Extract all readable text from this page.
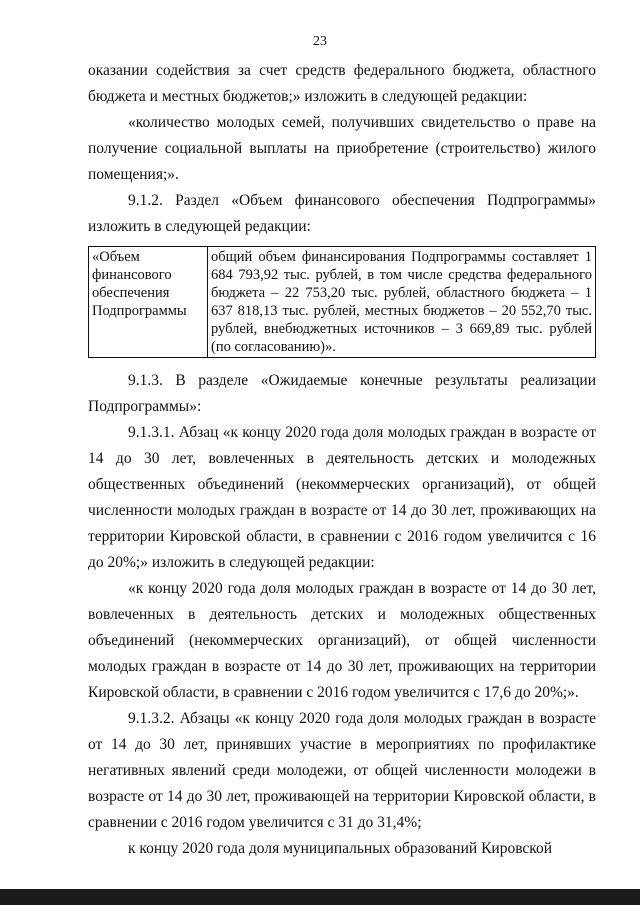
23

оказании содействия за счет средств федерального бюджета, областного бюджета и местных бюджетов;» изложить в следующей редакции:

«количество молодых семей, получивших свидетельство о праве на получение социальной выплаты на приобретение (строительство) жилого помещения;».

9.1.2. Раздел «Объем финансового обеспечения Подпрограммы» изложить в следующей редакции:

«Объем финансового обеспечения Подпрограммы	общий объем финансирования Подпрограммы составляет 1 684 793,92 тыс. рублей, в том числе средства федерального бюджета – 22 753,20 тыс. рублей, областного бюджета – 1 637 818,13 тыс. рублей, местных бюджетов – 20 552,70 тыс. рублей, внебюджетных источников – 3 669,89 тыс. рублей (по согласованию)».

9.1.3. В разделе «Ожидаемые конечные результаты реализации Подпрограммы»:

9.1.3.1. Абзац «к концу 2020 года доля молодых граждан в возрасте от 14 до 30 лет, вовлеченных в деятельность детских и молодежных общественных объединений (некоммерческих организаций), от общей численности молодых граждан в возрасте от 14 до 30 лет, проживающих на территории Кировской области, в сравнении с 2016 годом увеличится с 16 до 20%;» изложить в следующей редакции:

«к концу 2020 года доля молодых граждан в возрасте от 14 до 30 лет, вовлеченных в деятельность детских и молодежных общественных объединений (некоммерческих организаций), от общей численности молодых граждан в возрасте от 14 до 30 лет, проживающих на территории Кировской области, в сравнении с 2016 годом увеличится с 17,6 до 20%;».

9.1.3.2. Абзацы «к концу 2020 года доля молодых граждан в возрасте от 14 до 30 лет, принявших участие в мероприятиях по профилактике негативных явлений среди молодежи, от общей численности молодежи в возрасте от 14 до 30 лет, проживающей на территории Кировской области, в сравнении с 2016 годом увеличится с 31 до 31,4%;

к концу 2020 года доля муниципальных образований Кировской
